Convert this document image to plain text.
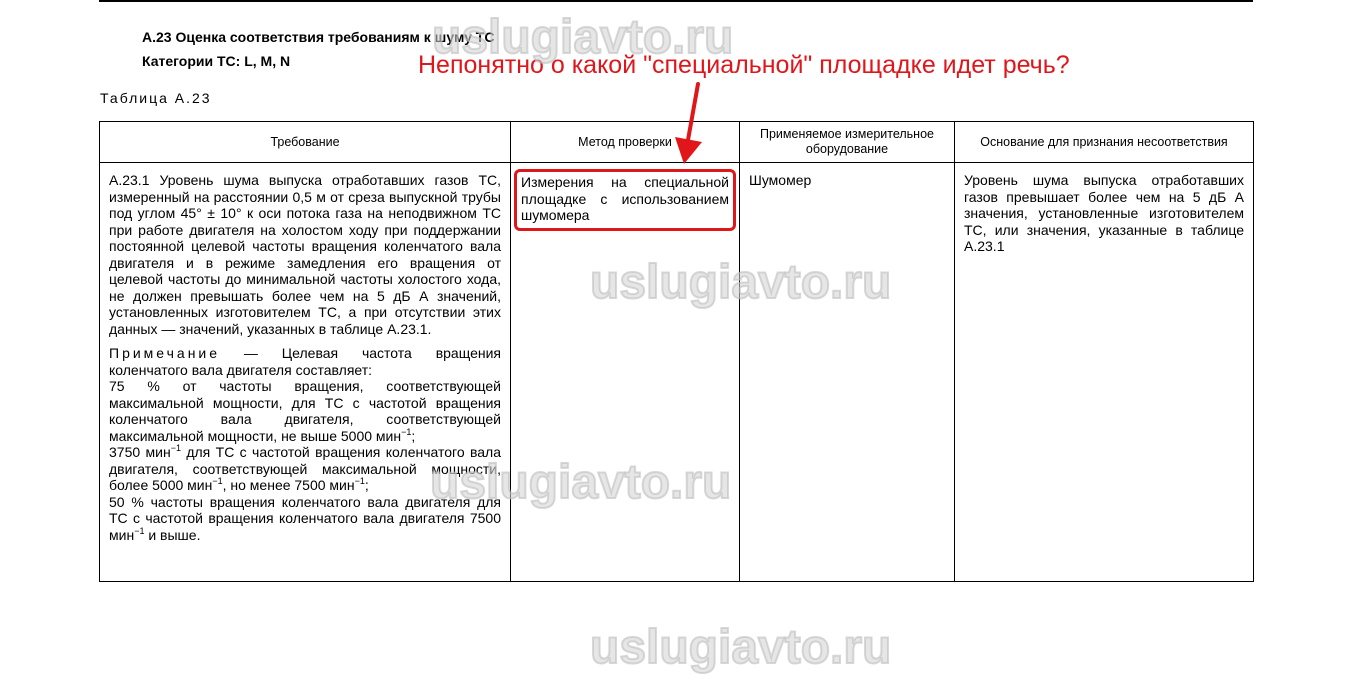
А.23 Оценка соответствия требованиям к шуму ТС
Категории ТС: L, M, N	Непонятно о какой "специальной" площадке идет речь?
Таблица А.23
Требование	Метод проверки	Применяемое измерительное оборудование	Основание для признания несоответствия

А.23.1 Уровень шума выпуска отработавших газов ТС, измеренный на расстоянии 0,5 м от среза выпускной трубы под углом 45° ± 10° к оси потока газа на неподвижном ТС при работе двигателя на холостом ходу при поддержании постоянной целевой частоты вращения коленчатого вала двигателя и в режиме замедления его вращения от целевой частоты до минимальной частоты холостого хода, не должен превышать более чем на 5 дБ А значений, установленных изготовителем ТС, а при отсутствии этих данных — значений, указанных в таблице А.23.1.

Примечание — Целевая частота вращения коленчатого вала двигателя составляет:
75 % от частоты вращения, соответствующей максимальной мощности, для ТС с частотой вращения коленчатого вала двигателя, соответствующей максимальной мощности, не выше 5000 мин$^{-1}$;
3750 мин$^{-1}$ для ТС с частотой вращения коленчатого вала двигателя, соответствующей максимальной мощности, более 5000 мин$^{-1}$, но менее 7500 мин$^{-1}$;
50 % частоты вращения коленчатого вала двигателя для ТС с частотой вращения коленчатого вала двигателя 7500 мин$^{-1}$ и выше.	Измерения на специальной площадке с использованием шумомера	Шумомер	Уровень шума выпуска отработавших газов превышает более чем на 5 дБ А значения, установленные изготовителем ТС, или значения, указанные в таблице А.23.1
uslugiavto.ru
uslugiavto.ru
uslugiavto.ru
uslugiavto.ru
